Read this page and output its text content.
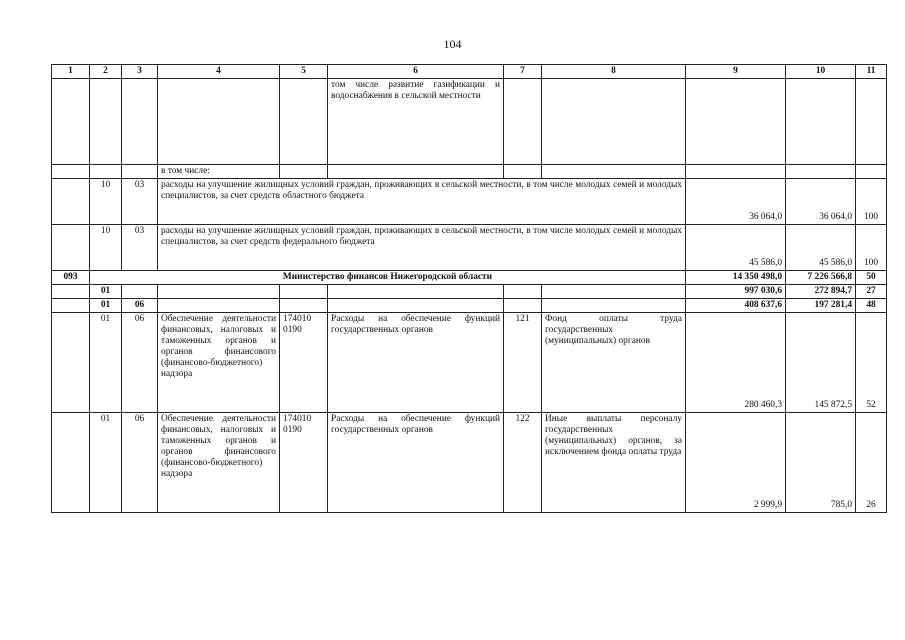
104
1	2	3	4	5	6	7	8	9	10	11
					том числе развитие газификации и водоснабжения в сельской местности					
			в том числе:							
	10	03	расходы на улучшение жилищных условий граждан, проживающих в сельской местности, в том числе молодых семей и молодых специалистов, за счет средств областного бюджета					36 064,0	36 064,0	100
	10	03	расходы на улучшение жилищных условий граждан, проживающих в сельской местности, в том числе молодых семей и молодых специалистов, за счет средств федерального бюджета					45 586,0	45 586,0	100
093	Министерство финансов Нижегородской области							14 350 498,0	7 226 566,8	50
	01							997 030,6	272 894,7	27
	01	06						408 637,6	197 281,4	48
	01	06	Обеспечение деятельности финансовых, налоговых и таможенных органов и органов финансового (финансово-бюджетного) надзора	174010 0190	Расходы на обеспечение функций государственных органов	121	Фонд оплаты труда государственных (муниципальных) органов	280 460,3	145 872,5	52
	01	06	Обеспечение деятельности финансовых, налоговых и таможенных органов и органов финансового (финансово-бюджетного) надзора	174010 0190	Расходы на обеспечение функций государственных органов	122	Иные выплаты персоналу государственных (муниципальных) органов, за исключением фонда оплаты труда	2 999,9	785,0	26
